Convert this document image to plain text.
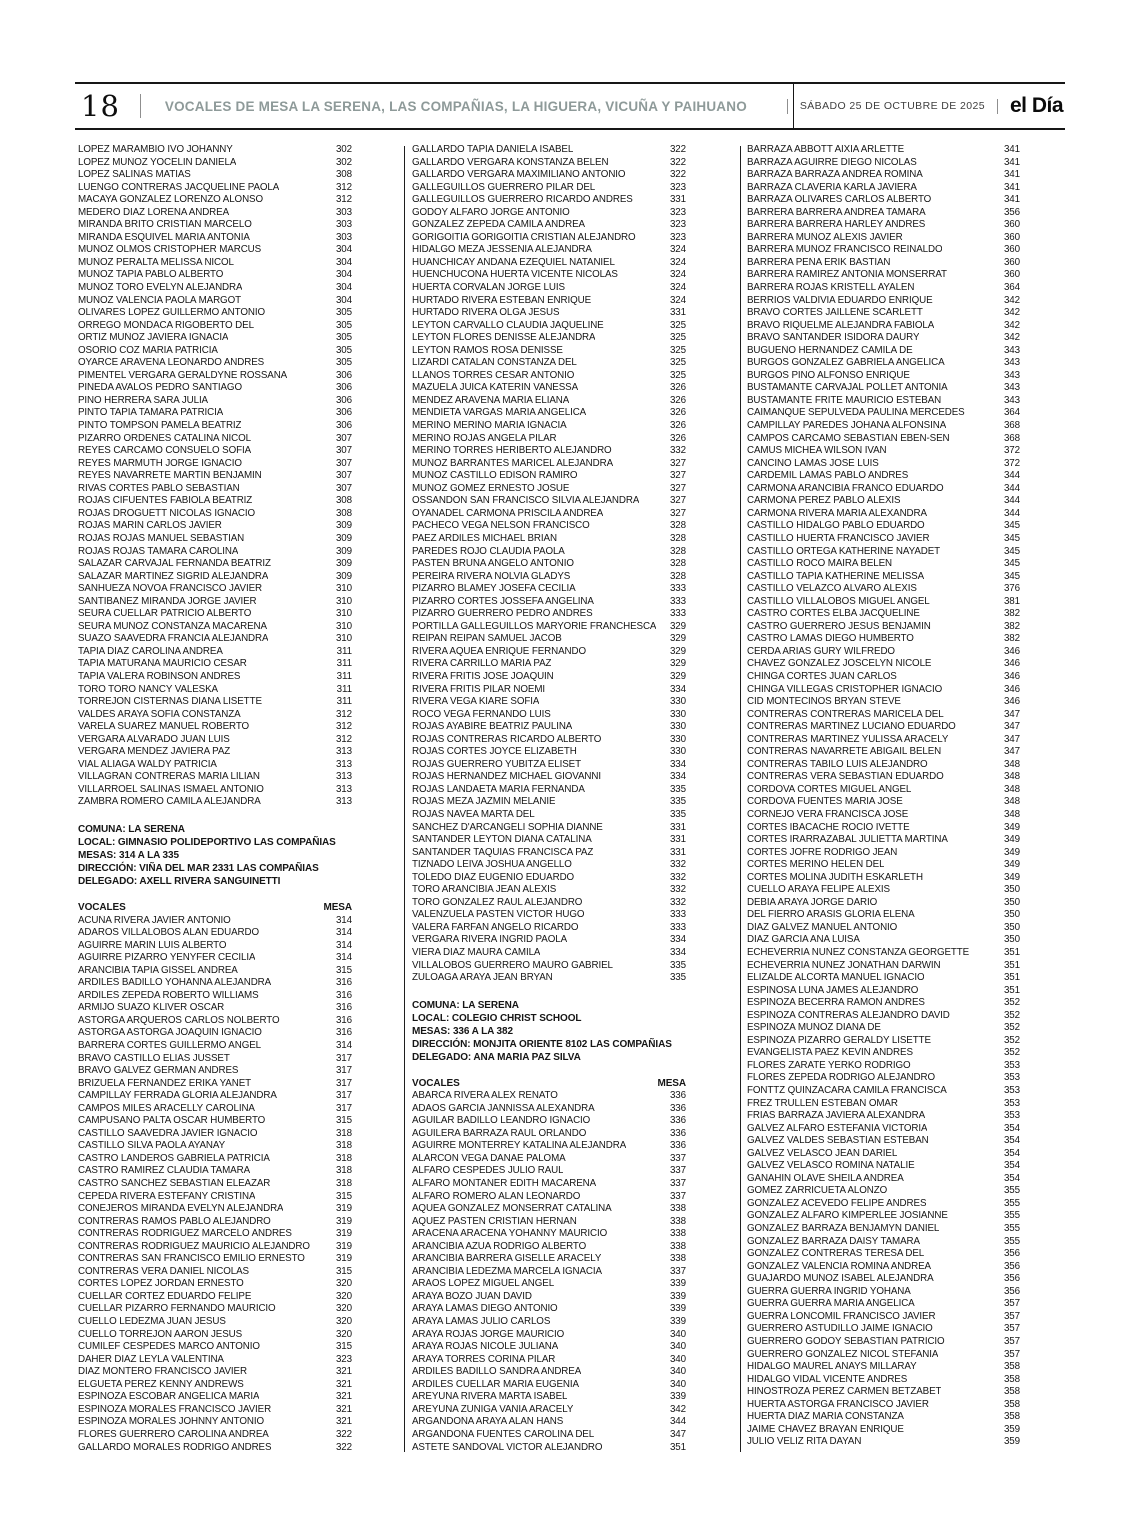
18	VOCALES DE MESA LA SERENA, LAS COMPAÑIAS, LA HIGUERA, VICUÑA Y PAIHUANO	SÁBADO 25 DE OCTUBRE DE 2025 el Día
LOPEZ MARAMBIO IVO JOHANNY	302
LOPEZ MUÑOZ YOCELIN DANIELA	302
LOPEZ SALINAS MATIAS	308
LUENGO CONTRERAS JACQUELINE PAOLA	312
MACAYA GONZALEZ LORENZO ALONSO	312
MEDERO DIAZ LORENA ANDREA	303
MIRANDA BRITO CRISTIAN MARCELO	303
MIRANDA ESQUIVEL MARIA ANTONIA	303
MUÑOZ OLMOS CRISTOPHER MARCUS	304
MUÑOZ PERALTA MELISSA NICOL	304
MUÑOZ TAPIA PABLO ALBERTO	304
MUÑOZ TORO EVELYN ALEJANDRA	304
MUÑOZ VALENCIA PAOLA MARGOT	304
OLIVARES LOPEZ GUILLERMO ANTONIO	305
ORREGO MONDACA RIGOBERTO DEL	305
ORTIZ MUÑOZ JAVIERA IGNACIA	305
OSORIO COZ MARIA PATRICIA	305
OYARCE ARAVENA LEONARDO ANDRES	305
PIMENTEL VERGARA GERALDYNE ROSSANA	306
PINEDA AVALOS PEDRO SANTIAGO	306
PINO HERRERA SARA JULIA	306
PINTO TAPIA TAMARA PATRICIA	306
PINTO TOMPSON PAMELA BEATRIZ	306
PIZARRO ORDENES CATALINA NICOL	307
REYES CARCAMO CONSUELO SOFIA	307
REYES MARMUTH JORGE IGNACIO	307
REYES NAVARRETE MARTIN BENJAMIN	307
RIVAS CORTES PABLO SEBASTIAN	307
ROJAS CIFUENTES FABIOLA BEATRIZ	308
ROJAS DROGUETT NICOLAS IGNACIO	308
ROJAS MARIN CARLOS JAVIER	309
ROJAS ROJAS MANUEL SEBASTIAN	309
ROJAS ROJAS TAMARA CAROLINA	309
SALAZAR CARVAJAL FERNANDA BEATRIZ	309
SALAZAR MARTINEZ SIGRID ALEJANDRA	309
SANHUEZA NOVOA FRANCISCO JAVIER	310
SANTIBAÑEZ MIRANDA JORGE JAVIER	310
SEURA CUELLAR PATRICIO ALBERTO	310
SEURA MUÑOZ CONSTANZA MACARENA	310
SUAZO SAAVEDRA FRANCIA ALEJANDRA	310
TAPIA DIAZ CAROLINA ANDREA	311
TAPIA MATURANA MAURICIO CESAR	311
TAPIA VALERA ROBINSON ANDRES	311
TORO TORO NANCY VALESKA	311
TORREJON CISTERNAS DIANA LISETTE	311
VALDES ARAYA SOFIA CONSTANZA	312
VARELA SUAREZ MANUEL ROBERTO	312
VERGARA ALVARADO JUAN LUIS	312
VERGARA MENDEZ JAVIERA PAZ	313
VIAL ALIAGA WALDY PATRICIA	313
VILLAGRAN CONTRERAS MARIA LILIAN	313
VILLARROEL SALINAS ISMAEL ANTONIO	313
ZAMBRA ROMERO CAMILA ALEJANDRA	313
COMUNA: LA SERENA
LOCAL: GIMNASIO POLIDEPORTIVO LAS COMPAÑIAS
MESAS: 314 A LA 335
DIRECCIÓN: VIÑA DEL MAR 2331 LAS COMPAÑIAS
DELEGADO: AXELL RIVERA SANGUINETTI
VOCALES	MESA
ACUÑA RIVERA JAVIER ANTONIO	314
ADAROS VILLALOBOS ALAN EDUARDO	314
AGUIRRE MARIN LUIS ALBERTO	314
AGUIRRE PIZARRO YENYFER CECILIA	314
ARANCIBIA TAPIA GISSEL ANDREA	315
ARDILES BADILLO YOHANNA ALEJANDRA	316
ARDILES ZEPEDA ROBERTO WILLIAMS	316
ARMIJO SUAZO KLIVER OSCAR	316
ASTORGA ARQUEROS CARLOS NOLBERTO	316
ASTORGA ASTORGA JOAQUIN IGNACIO	316
BARRERA CORTES GUILLERMO ANGEL	314
BRAVO CASTILLO ELIAS JUSSET	317
BRAVO GALVEZ GERMAN ANDRES	317
BRIZUELA FERNANDEZ ERIKA YANET	317
CAMPILLAY FERRADA GLORIA ALEJANDRA	317
CAMPOS MILES ARACELLY CAROLINA	317
CAMPUSANO PALTA OSCAR HUMBERTO	315
CASTILLO SAAVEDRA JAVIER IGNACIO	318
CASTILLO SILVA PAOLA AYANAY	318
CASTRO LANDEROS GABRIELA PATRICIA	318
CASTRO RAMIREZ CLAUDIA TAMARA	318
CASTRO SANCHEZ SEBASTIAN ELEAZAR	318
CEPEDA RIVERA ESTEFANY CRISTINA	315
CONEJEROS MIRANDA EVELYN ALEJANDRA	319
CONTRERAS RAMOS PABLO ALEJANDRO	319
CONTRERAS RODRIGUEZ MARCELO ANDRES	319
CONTRERAS RODRIGUEZ MAURICIO ALEJANDRO	319
CONTRERAS SAN FRANCISCO EMILIO ERNESTO	319
CONTRERAS VERA DANIEL NICOLAS	315
CORTES LOPEZ JORDAN ERNESTO	320
CUELLAR CORTEZ EDUARDO FELIPE	320
CUELLAR PIZARRO FERNANDO MAURICIO	320
CUELLO LEDEZMA JUAN JESUS	320
CUELLO TORREJON AARON JESUS	320
CUMILEF CESPEDES MARCO ANTONIO	315
DAHER DIAZ LEYLA VALENTINA	323
DIAZ MONTERO FRANCISCO JAVIER	321
ELGUETA PEREZ KENNY ANDREWS	321
ESPINOZA ESCOBAR ANGELICA MARIA	321
ESPINOZA MORALES FRANCISCO JAVIER	321
ESPINOZA MORALES JOHNNY ANTONIO	321
FLORES GUERRERO CAROLINA ANDREA	322
GALLARDO MORALES RODRIGO ANDRES	322
GALLARDO TAPIA DANIELA ISABEL	322
GALLARDO VERGARA KONSTANZA BELEN	322
GALLARDO VERGARA MAXIMILIANO ANTONIO	322
GALLEGUILLOS GUERRERO PILAR DEL	323
GALLEGUILLOS GUERRERO RICARDO ANDRES	331
GODOY ALFARO JORGE ANTONIO	323
GONZALEZ ZEPEDA CAMILA ANDREA	323
GORIGOITIA GORIGOITIA CRISTIAN ALEJANDRO	323
HIDALGO MEZA JESSENIA ALEJANDRA	324
HUANCHICAY ANDANA EZEQUIEL NATANIEL	324
HUENCHUCONA HUERTA VICENTE NICOLAS	324
HUERTA CORVALAN JORGE LUIS	324
HURTADO RIVERA ESTEBAN ENRIQUE	324
HURTADO RIVERA OLGA JESUS	331
LEYTON CARVALLO CLAUDIA JAQUELINE	325
LEYTON FLORES DENISSE ALEJANDRA	325
LEYTON RAMOS ROSA DENISSE	325
LIZARDI CATALAN CONSTANZA DEL	325
LLANOS TORRES CESAR ANTONIO	325
MAZUELA JUICA KATERIN VANESSA	326
MENDEZ ARAVENA MARIA ELIANA	326
MENDIETA VARGAS MARIA ANGELICA	326
MERIÑO MERIÑO MARIA IGNACIA	326
MERIÑO ROJAS ANGELA PILAR	326
MERIÑO TORRES HERIBERTO ALEJANDRO	332
MUÑOZ BARRANTES MARICEL ALEJANDRA	327
MUÑOZ CASTILLO EDISON RAMIRO	327
MUÑOZ GOMEZ ERNESTO JOSUE	327
OSSANDON SAN FRANCISCO SILVIA ALEJANDRA	327
OYANADEL CARMONA PRISCILA ANDREA	327
PACHECO VEGA NELSON FRANCISCO	328
PAEZ ARDILES MICHAEL BRIAN	328
PAREDES ROJO CLAUDIA PAOLA	328
PASTEN BRUNA ANGELO ANTONIO	328
PEREIRA RIVERA NOLVIA GLADYS	328
PIZARRO BLAMEY JOSEFA CECILIA	333
PIZARRO CORTES JOSSEFA ANGELINA	333
PIZARRO GUERRERO PEDRO ANDRES	333
PORTILLA GALLEGUILLOS MARYORIE FRANCHESCA	329
REIPAN REIPAN SAMUEL JACOB	329
RIVERA AQUEA ENRIQUE FERNANDO	329
RIVERA CARRILLO MARIA PAZ	329
RIVERA FRITIS JOSE JOAQUIN	329
RIVERA FRITIS PILAR NOEMI	334
RIVERA VEGA KIARE SOFIA	330
ROCO VEGA FERNANDO LUIS	330
ROJAS AYABIRE BEATRIZ PAULINA	330
ROJAS CONTRERAS RICARDO ALBERTO	330
ROJAS CORTES JOYCE ELIZABETH	330
ROJAS GUERRERO YUBITZA ELISET	334
ROJAS HERNANDEZ MICHAEL GIOVANNI	334
ROJAS LANDAETA MARIA FERNANDA	335
ROJAS MEZA JAZMIN MELANIE	335
ROJAS NAVEA MARTA DEL	335
SANCHEZ D'ARCANGELI SOPHIA DIANNE	331
SANTANDER LEYTON DIANA CATALINA	331
SANTANDER TAQUIAS FRANCISCA PAZ	331
TIZNADO LEIVA JOSHUA ANGELLO	332
TOLEDO DIAZ EUGENIO EDUARDO	332
TORO ARANCIBIA JEAN ALEXIS	332
TORO GONZALEZ RAUL ALEJANDRO	332
VALENZUELA PASTEN VICTOR HUGO	333
VALERA FARFAN ANGELO RICARDO	333
VERGARA RIVERA INGRID PAOLA	334
VIERA DIAZ MAURA CAMILA	334
VILLALOBOS GUERRERO MAURO GABRIEL	335
ZULOAGA ARAYA JEAN BRYAN	335
COMUNA: LA SERENA
LOCAL: COLEGIO CHRIST SCHOOL
MESAS: 336 A LA 382
DIRECCIÓN: MONJITA ORIENTE 8102 LAS COMPAÑIAS
DELEGADO: ANA MARIA PAZ SILVA
VOCALES	MESA
ABARCA RIVERA ALEX RENATO	336
ADAOS GARCIA JANNISSA ALEXANDRA	336
AGUILAR BADILLO LEANDRO IGNACIO	336
AGUILERA BARRAZA RAUL ORLANDO	336
AGUIRRE MONTERREY KATALINA ALEJANDRA	336
ALARCON VEGA DANAE PALOMA	337
ALFARO CESPEDES JULIO RAUL	337
ALFARO MONTANER EDITH MACARENA	337
ALFARO ROMERO ALAN LEONARDO	337
AQUEA GONZALEZ MONSERRAT CATALINA	338
AQUEZ PASTEN CRISTIAN HERNAN	338
ARACENA ARACENA YOHANNY MAURICIO	338
ARANCIBIA AZUA RODRIGO ALBERTO	338
ARANCIBIA BARRERA GISELLE ARACELY	338
ARANCIBIA LEDEZMA MARCELA IGNACIA	337
ARAOS LOPEZ MIGUEL ANGEL	339
ARAYA BOZO JUAN DAVID	339
ARAYA LAMAS DIEGO ANTONIO	339
ARAYA LAMAS JULIO CARLOS	339
ARAYA ROJAS JORGE MAURICIO	340
ARAYA ROJAS NICOLE JULIANA	340
ARAYA TORRES CORINA PILAR	340
ARDILES BADILLO SANDRA ANDREA	340
ARDILES CUELLAR MARIA EUGENIA	340
AREYUNA RIVERA MARTA ISABEL	339
AREYUNA ZUÑIGA VANIA ARACELY	342
ARGANDOÑA ARAYA ALAN HANS	344
ARGANDOÑA FUENTES CAROLINA DEL	347
ASTETE SANDOVAL VICTOR ALEJANDRO	351
BARRAZA ABBOTT AIXIA ARLETTE	341
BARRAZA AGUIRRE DIEGO NICOLAS	341
BARRAZA BARRAZA ANDREA ROMINA	341
BARRAZA CLAVERIA KARLA JAVIERA	341
BARRAZA OLIVARES CARLOS ALBERTO	341
BARRERA BARRERA ANDREA TAMARA	356
BARRERA BARRERA HARLEY ANDRES	360
BARRERA MUÑOZ ALEXIS JAVIER	360
BARRERA MUÑOZ FRANCISCO REINALDO	360
BARRERA PEÑA ERIK BASTIAN	360
BARRERA RAMIREZ ANTONIA MONSERRAT	360
BARRERA ROJAS KRISTELL AYALEN	364
BERRIOS VALDIVIA EDUARDO ENRIQUE	342
BRAVO CORTES JAILLENE SCARLETT	342
BRAVO RIQUELME ALEJANDRA FABIOLA	342
BRAVO SANTANDER ISIDORA DAURY	342
BUGUEÑO HERNANDEZ CAMILA DE	343
BURGOS GONZALEZ GABRIELA ANGELICA	343
BURGOS PINO ALFONSO ENRIQUE	343
BUSTAMANTE CARVAJAL POLLET ANTONIA	343
BUSTAMANTE FRITE MAURICIO ESTEBAN	343
CAIMANQUE SEPULVEDA PAULINA MERCEDES	364
CAMPILLAY PAREDES JOHANA ALFONSINA	368
CAMPOS CARCAMO SEBASTIAN EBEN-SEN	368
CAMUS MICHEA WILSON IVAN	372
CANCINO LAMAS JOSE LUIS	372
CARDEMIL LAMAS PABLO ANDRES	344
CARMONA ARANCIBIA FRANCO EDUARDO	344
CARMONA PEREZ PABLO ALEXIS	344
CARMONA RIVERA MARIA ALEXANDRA	344
CASTILLO HIDALGO PABLO EDUARDO	345
CASTILLO HUERTA FRANCISCO JAVIER	345
CASTILLO ORTEGA KATHERINE NAYADET	345
CASTILLO ROCO MAIRA BELEN	345
CASTILLO TAPIA KATHERINE MELISSA	345
CASTILLO VELAZCO ALVARO ALEXIS	376
CASTILLO VILLALOBOS MIGUEL ANGEL	381
CASTRO CORTES ELBA JACQUELINE	382
CASTRO GUERRERO JESUS BENJAMIN	382
CASTRO LAMAS DIEGO HUMBERTO	382
CERDA ARIAS GURY WILFREDO	346
CHAVEZ GONZALEZ JOSCELYN NICOLE	346
CHINGA CORTES JUAN CARLOS	346
CHINGA VILLEGAS CRISTOPHER IGNACIO	346
CID MONTECINOS BRYAN STEVE	346
CONTRERAS CONTRERAS MARICELA DEL	347
CONTRERAS MARTINEZ LUCIANO EDUARDO	347
CONTRERAS MARTINEZ YULISSA ARACELY	347
CONTRERAS NAVARRETE ABIGAIL BELEN	347
CONTRERAS TABILO LUIS ALEJANDRO	348
CONTRERAS VERA SEBASTIAN EDUARDO	348
CORDOVA CORTES MIGUEL ANGEL	348
CORDOVA FUENTES MARIA JOSE	348
CORNEJO VERA FRANCISCA JOSE	348
CORTES IBACACHE ROCIO IVETTE	349
CORTES IRARRAZABAL JULIETTA MARTINA	349
CORTES JOFRE RODRIGO JEAN	349
CORTES MERIÑO HELEN DEL	349
CORTES MOLINA JUDITH ESKARLETH	349
CUELLO ARAYA FELIPE ALEXIS	350
DEBIA ARAYA JORGE DARIO	350
DEL FIERRO ARASIS GLORIA ELENA	350
DIAZ GALVEZ MANUEL ANTONIO	350
DIAZ GARCIA ANA LUISA	350
ECHEVERRIA NUÑEZ CONSTANZA GEORGETTE	351
ECHEVERRIA NUÑEZ JONATHAN DARWIN	351
ELIZALDE ALCORTA MANUEL IGNACIO	351
ESPINOSA LUNA JAMES ALEJANDRO	351
ESPINOZA BECERRA RAMON ANDRES	352
ESPINOZA CONTRERAS ALEJANDRO DAVID	352
ESPINOZA MUÑOZ DIANA DE	352
ESPINOZA PIZARRO GERALDY LISETTE	352
EVANGELISTA PAEZ KEVIN ANDRES	352
FLORES ZARATE YERKO RODRIGO	353
FLORES ZEPEDA RODRIGO ALEJANDRO	353
FONTTZ QUINZACARA CAMILA FRANCISCA	353
FREZ TRULLEN ESTEBAN OMAR	353
FRIAS BARRAZA JAVIERA ALEXANDRA	353
GALVEZ ALFARO ESTEFANIA VICTORIA	354
GALVEZ VALDES SEBASTIAN ESTEBAN	354
GALVEZ VELASCO JEAN DARIEL	354
GALVEZ VELASCO ROMINA NATALIE	354
GANAHIN OLAVE SHEILA ANDREA	354
GOMEZ ZARRICUETA ALONZO	355
GONZALEZ ACEVEDO FELIPE ANDRES	355
GONZALEZ ALFARO KIMPERLEE JOSIANNE	355
GONZALEZ BARRAZA BENJAMYN DANIEL	355
GONZALEZ BARRAZA DAISY TAMARA	355
GONZALEZ CONTRERAS TERESA DEL	356
GONZALEZ VALENCIA ROMINA ANDREA	356
GUAJARDO MUÑOZ ISABEL ALEJANDRA	356
GUERRA GUERRA INGRID YOHANA	356
GUERRA GUERRA MARIA ANGELICA	357
GUERRA LONCOMIL FRANCISCO JAVIER	357
GUERRERO ASTUDILLO JAIME IGNACIO	357
GUERRERO GODOY SEBASTIAN PATRICIO	357
GUERRERO GONZALEZ NICOL STEFANIA	357
HIDALGO MAUREL ANAYS MILLARAY	358
HIDALGO VIDAL VICENTE ANDRES	358
HINOSTROZA PEREZ CARMEN BETZABET	358
HUERTA ASTORGA FRANCISCO JAVIER	358
HUERTA DIAZ MARIA CONSTANZA	358
JAIME CHAVEZ BRAYAN ENRIQUE	359
JULIO VELIZ RITA DAYAN	359
